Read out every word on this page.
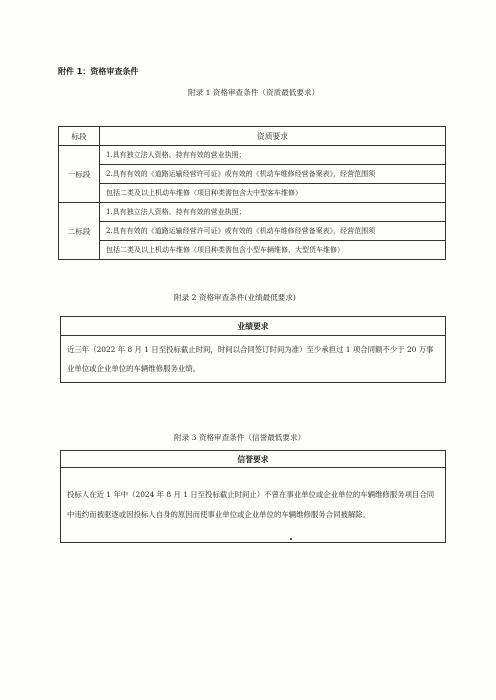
附件 1：资格审查条件
附录 1 资格审查条件（资质最低要求）
标段	资质要求
一标段	1.具有独立法人资格、持有有效的营业执照；
	2.具有有效的《道路运输经营许可证》或有效的《机动车维修经营备案表》，经营范围须
	包括二类及以上机动车维修（项目种类需包含大中型客车维修）
二标段	1.具有独立法人资格、持有有效的营业执照；
	2.具有有效的《道路运输经营许可证》或有效的《机动车维修经营备案表》，经营范围须
	包括二类及以上机动车维修（项目种类需包含小型车辆维修、大型货车维修）
附录 2 资格审查条件(业绩最低要求)
业绩要求
近三年（2022 年 8 月 1 日至投标截止时间，时间以合同签订时间为准）至少承担过 1 项合同额不少于 20 万事业单位或企业单位的车辆维修服务业绩。
附录 3 资格审查条件（信誉最低要求）
信誉要求
投标人在近 1 年中（2024 年 8 月 1 日至投标截止时间止）不曾在事业单位或企业单位的车辆维修服务项目合同中违约而被驱逐或因投标人自身的原因而使事业单位或企业单位的车辆维修服务合同被解除。
